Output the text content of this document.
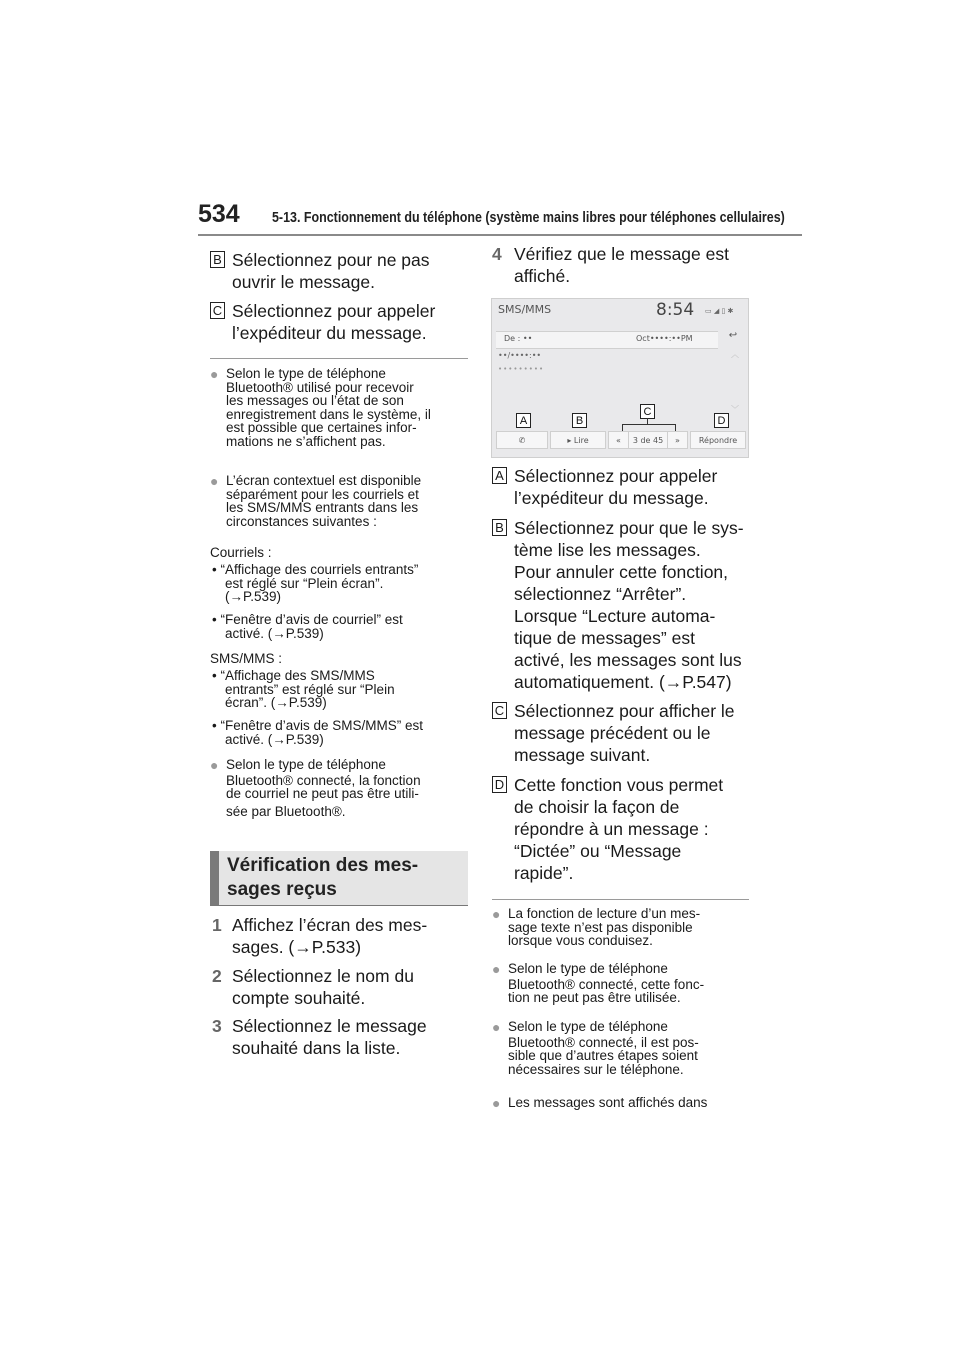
534 5-13. Fonctionnement du téléphone (système mains libres pour téléphones cellulaires)
B Sélectionnez pour ne pas
ouvrir le message.
C Sélectionnez pour appeler
l’expéditeur du message.
● Selon le type de téléphone
Bluetooth® utilisé pour recevoir
les messages ou l’état de son
enregistrement dans le système, il
est possible que certaines infor-
mations ne s’affichent pas.
● L’écran contextuel est disponible
séparément pour les courriels et
les SMS/MMS entrants dans les
circonstances suivantes :
Courriels :
• “Affichage des courriels entrants”
est réglé sur “Plein écran”.
(→P.539)
• “Fenêtre d’avis de courriel” est
activé. (→P.539)
SMS/MMS :
• “Affichage des SMS/MMS
entrants” est réglé sur “Plein
écran”. (→P.539)
• “Fenêtre d’avis de SMS/MMS” est
activé. (→P.539)
● Selon le type de téléphone
Bluetooth® connecté, la fonction
de courriel ne peut pas être utili-
sée par Bluetooth®.
Vérification des mes-
sages reçus
1 Affichez l’écran des mes-
sages. (→P.533)
2 Sélectionnez le nom du
compte souhaité.
3 Sélectionnez le message
souhaité dans la liste.
4 Vérifiez que le message est
affiché.
SMS/MMS	8:54 ▭ ◢ ▯ ✱
De : ••	Oct••••:••PM	↩
••/••••:••
•••••••••
︿
﹀
✆	▸ Lire	«	3 de 45	»	Répondre
A	B
C
D
A Sélectionnez pour appeler
l’expéditeur du message.
B Sélectionnez pour que le sys-
tème lise les messages.
Pour annuler cette fonction,
sélectionnez “Arrêter”.
Lorsque “Lecture automa-
tique de messages” est
activé, les messages sont lus
automatiquement. (→P.547)
C Sélectionnez pour afficher le
message précédent ou le
message suivant.
D Cette fonction vous permet
de choisir la façon de
répondre à un message :
“Dictée” ou “Message
rapide”.
● La fonction de lecture d’un mes-
sage texte n’est pas disponible
lorsque vous conduisez.
● Selon le type de téléphone
Bluetooth® connecté, cette fonc-
tion ne peut pas être utilisée.
● Selon le type de téléphone
Bluetooth® connecté, il est pos-
sible que d’autres étapes soient
nécessaires sur le téléphone.
● Les messages sont affichés dans
